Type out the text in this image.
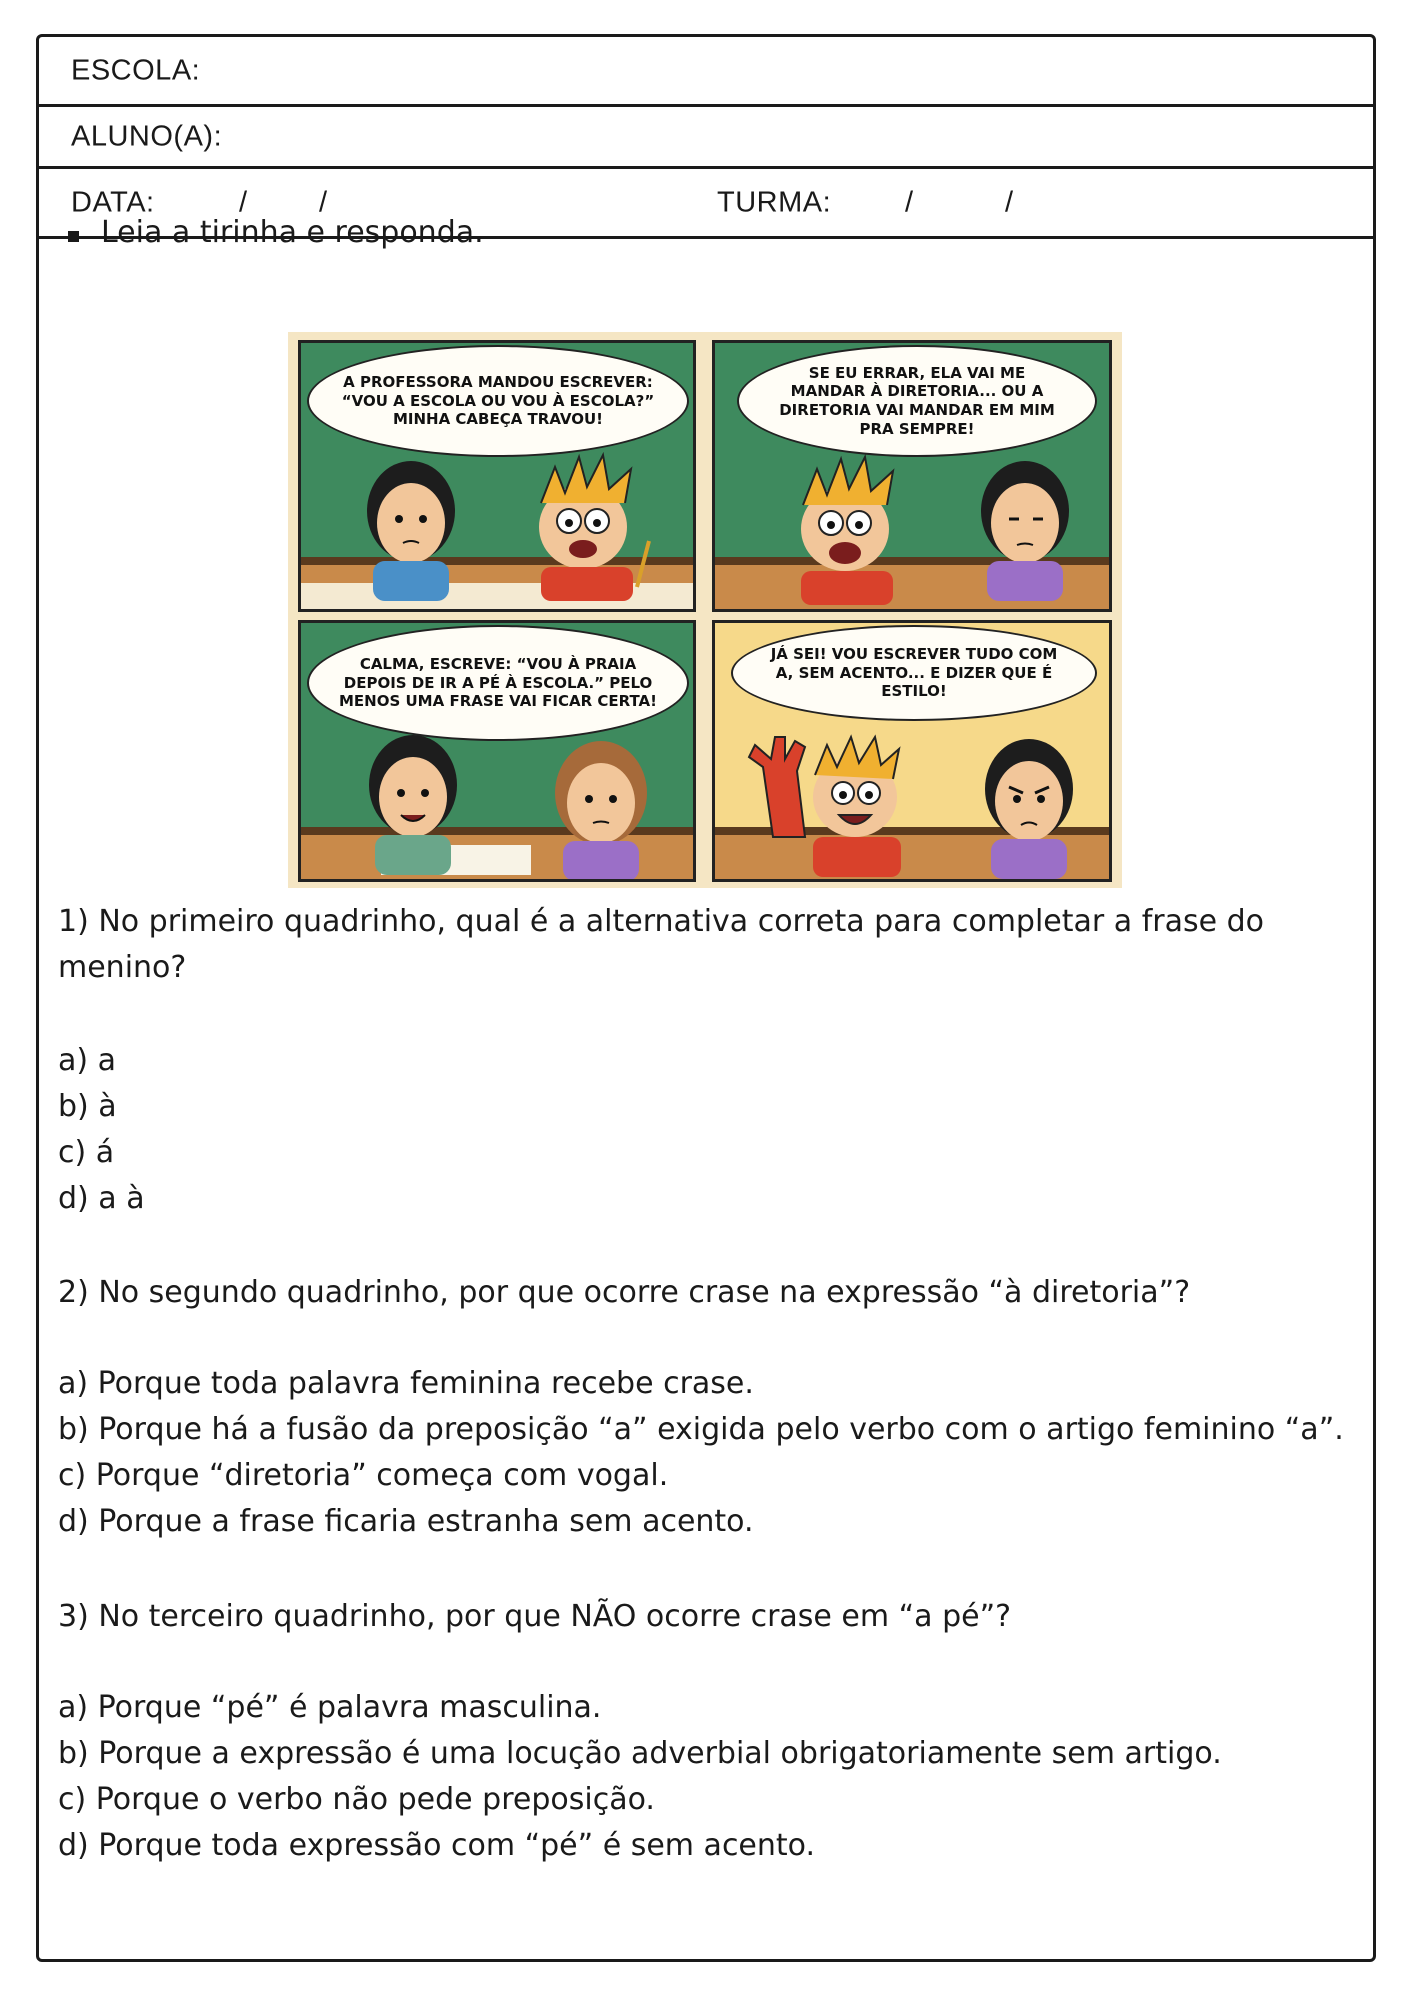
ESCOLA:
ALUNO(A):
DATA:	/ /	TURMA:	/	/
Leia a tirinha e responda.
A PROFESSORA MANDOU ESCREVER: “VOU A ESCOLA OU VOU À ESCOLA?” MINHA CABEÇA TRAVOU!
SE EU ERRAR, ELA VAI ME MANDAR À DIRETORIA... OU A DIRETORIA VAI MANDAR EM MIM PRA SEMPRE!
CALMA, ESCREVE: “VOU À PRAIA DEPOIS DE IR A PÉ À ESCOLA.” PELO MENOS UMA FRASE VAI FICAR CERTA!
JÁ SEI! VOU ESCREVER TUDO COM A, SEM ACENTO... E DIZER QUE É ESTILO!

1) No primeiro quadrinho, qual é a alternativa correta para completar a frase do

menino?

a) a

b) à

c) á

d) a à

2) No segundo quadrinho, por que ocorre crase na expressão “à diretoria”?

a) Porque toda palavra feminina recebe crase.

b) Porque há a fusão da preposição “a” exigida pelo verbo com o artigo feminino “a”.

c) Porque “diretoria” começa com vogal.

d) Porque a frase ficaria estranha sem acento.

3) No terceiro quadrinho, por que NÃO ocorre crase em “a pé”?

a) Porque “pé” é palavra masculina.

b) Porque a expressão é uma locução adverbial obrigatoriamente sem artigo.

c) Porque o verbo não pede preposição.

d) Porque toda expressão com “pé” é sem acento.
